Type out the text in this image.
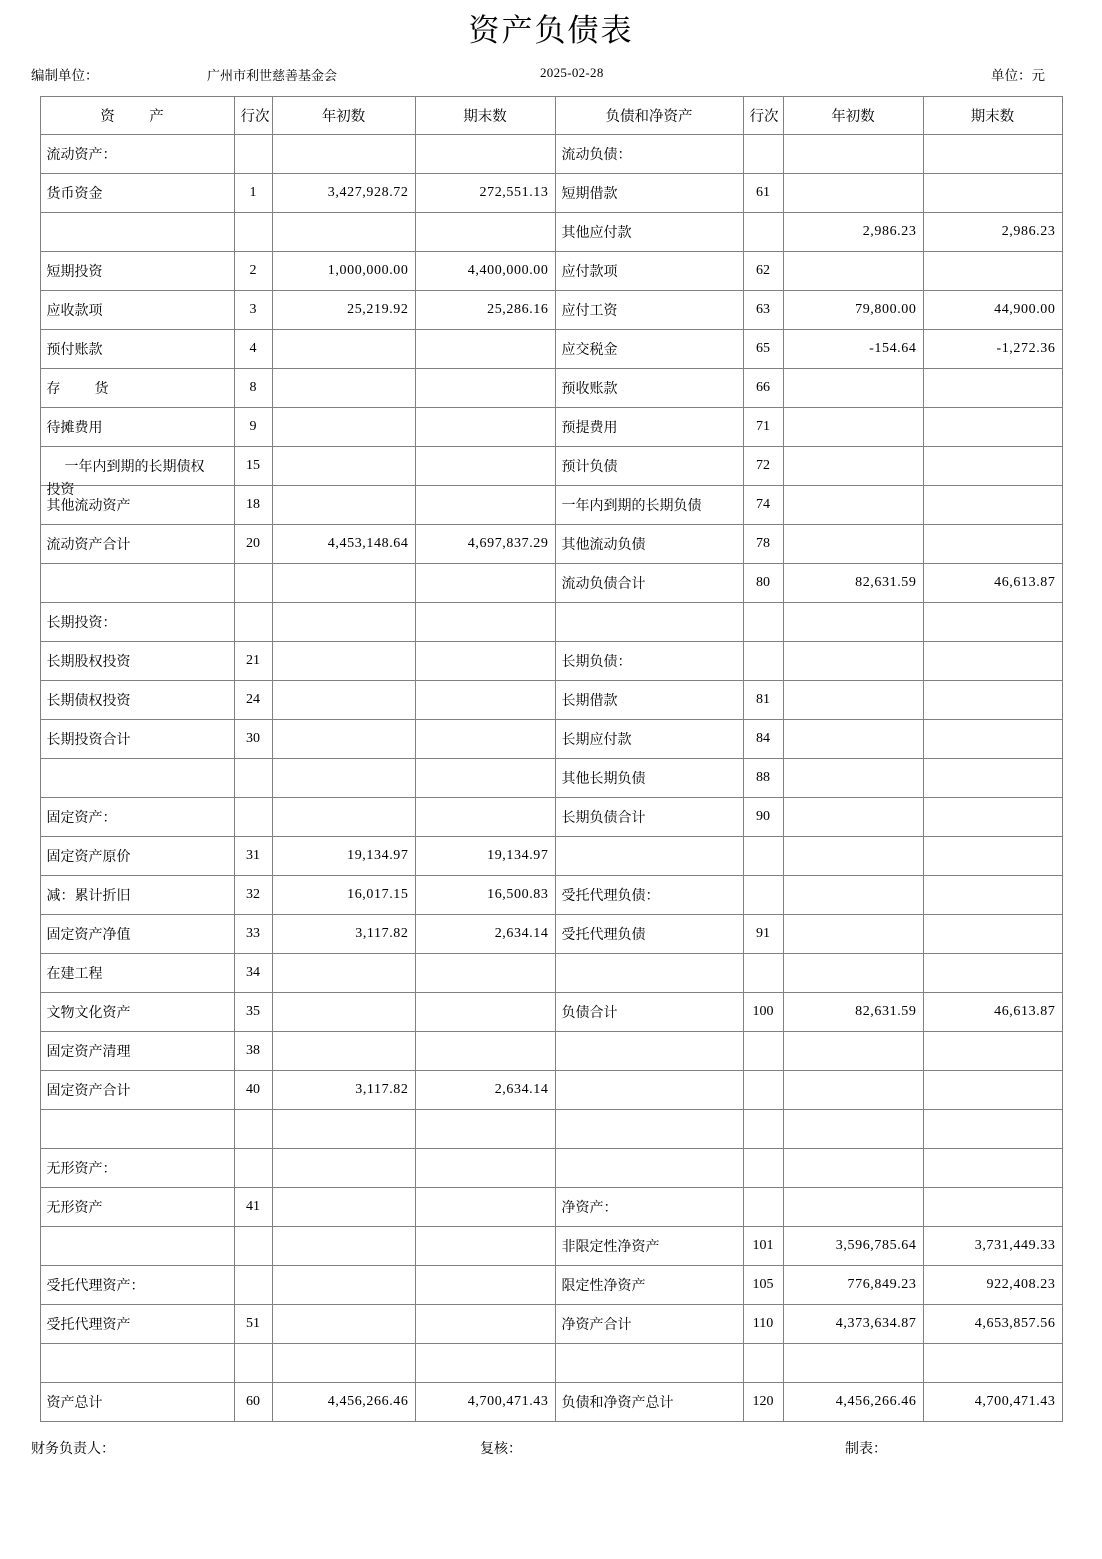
资产负债表
编制单位：	广州市利世慈善基金会	2025-02-28	单位：元
资　产	行次	年初数	期末数	负债和净资产	行次	年初数	期末数
流动资产：				流动负债：			
货币资金	1	3,427,928.72	272,551.13	短期借款	61		
				其他应付款		2,986.23	2,986.23
短期投资	2	1,000,000.00	4,400,000.00	应付款项	62		
应收款项	3	25,219.92	25,286.16	应付工资	63	79,800.00	44,900.00
预付账款	4			应交税金	65	-154.64	-1,272.36
存　货	8			预收账款	66		
待摊费用	9			预提费用	71		

一年内到期的长期债权
投资	15			预计负债	72		
其他流动资产	18			一年内到期的长期负债	74		
流动资产合计	20	4,453,148.64	4,697,837.29	其他流动负债	78		
				流动负债合计	80	82,631.59	46,613.87
长期投资：							
长期股权投资	21			长期负债：			
长期债权投资	24			长期借款	81		
长期投资合计	30			长期应付款	84		
				其他长期负债	88		
固定资产：				长期负债合计	90		
固定资产原价	31	19,134.97	19,134.97				
减：累计折旧	32	16,017.15	16,500.83	受托代理负债：			
固定资产净值	33	3,117.82	2,634.14	受托代理负债	91		
在建工程	34						
文物文化资产	35			负债合计	100	82,631.59	46,613.87
固定资产清理	38						
固定资产合计	40	3,117.82	2,634.14				

无形资产：							
无形资产	41			净资产：			
				非限定性净资产	101	3,596,785.64	3,731,449.33
受托代理资产：				限定性净资产	105	776,849.23	922,408.23
受托代理资产	51			净资产合计	110	4,373,634.87	4,653,857.56

资产总计	60	4,456,266.46	4,700,471.43	负债和净资产总计	120	4,456,266.46	4,700,471.43
财务负责人：	复核：	制表：
